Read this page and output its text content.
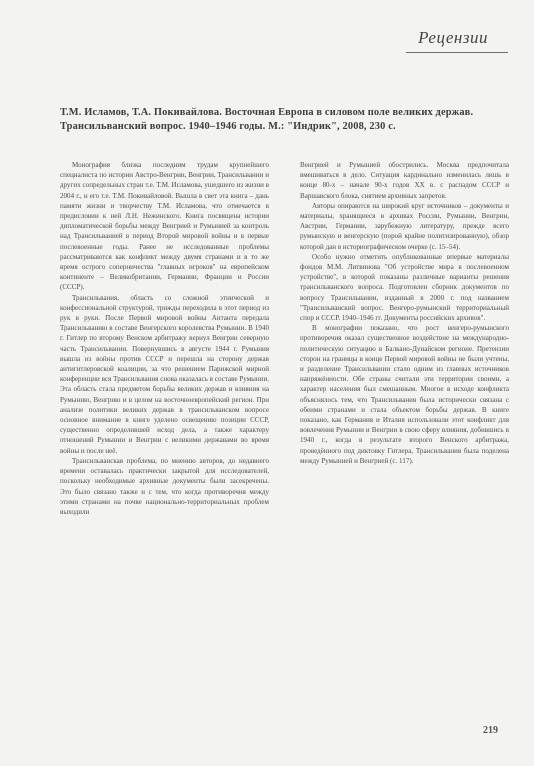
Рецензии
Т.М. Исламов, Т.А. Покивайлова. Восточная Европа в силовом поле великих держав. Трансильванский вопрос. 1940–1946 годы. М.: "Индрик", 2008, 230 с.

Монография близка последним трудам крупнейшего специалиста по истории Австро-Венгрии, Венгрии, Трансильвании и других сопредельных стран т.е. Т.М. Исламова, ушедшего из жизни в 2004 г., и его т.е. Т.М. Покивайловой. Вышла в свет эта книга – дань памяти жизни и творчеству Т.М. Исламова, что отмечается в предисловии к ней Л.Н. Нежинского. Книга посвящена истории дипломатической борьбы между Венгрией и Румынией за контроль над Трансильванией в период Второй мировой войны и в первые послевоенные годы. Ранее не исследованные проблемы рассматриваются как конфликт между двумя странами и в то же время острого соперничества "главных игроков" на европейском континенте – Великобритании, Германии, Франции и России (СССР).

Трансильвания, область со сложной этнической и конфессиональной структурой, трижды переходила в этот период из рук в руки. После Первой мировой войны Антанта передала Трансильванию в составе Венгерского королевства Румынии. В 1940 г. Гитлер по второму Венском арбитражу вернул Венгрии северную часть Трансильвании. Повернувшись в августе 1944 г. Румыния вышла из войны против СССР и перешла на сторону держав антигитлеровской коалиции, за что решением Парижской мирной конференции вся Трансильвания снова оказалась в составе Румынии. Эта область стала предметом борьбы великих держав и влияния на Румынию, Венгрию и в целом на восточноевропейский регион. При анализе политики великих держав в трансильванском вопросе основное внимание в книге уделено освещению позиции СССР, существенно определившей исход дела, а также характеру отношений Румынии и Венгрии с великими державами во время войны и после неё.

Трансильванская проблема, по мнению авторов, до недавнего времени оставалась практически закрытой для исследователей, поскольку необходимые архивные документы были засекречены. Это было связано также и с тем, что когда противоречия между этими странами на почве национально-территориальных проблем выходили

Венгрией и Румынией обострились. Москва предпочитала вмешиваться в дело. Ситуация кардинально изменилась лишь в конце 80-х – начале 90-х годов XX в. с распадом СССР и Варшавского блока, снятием архивных запретов.

Авторы опираются на широкий круг источников – документы и материалы, хранящиеся в архивах России, Румынии, Венгрии, Австрии, Германии, зарубежную литературу, прежде всего румынскую и венгерскую (порой крайне политизированную), обзор которой дан в историографическом очерке (с. 15–54).

Особо нужно отметить опубликованные впервые материалы фондов М.М. Литвинова "Об устройстве мира в послевоенном устройстве", в которой показаны различные варианты решения трансильванского вопроса. Подготовлен сборник документов по вопросу Трансильвании, изданный в 2000 г. под названием "Трансильванский вопрос. Венгеро-румынский территориальный спор и СССР. 1940–1946 гг. Документы российских архивов".

В монографии показано, что рост венгеро-румынского противоречия оказал существенное воздействие на международно-политическую ситуацию в Балкано-Дунайском регионе. Претензии сторон на границы в конце Первой мировой войны не были учтены, и разделение Трансильвании стало одним из главных источников напряжённости. Обе страны считали эти территории своими, а характер населения был смешанным. Многое в исходе конфликта объяснялось тем, что Трансильвания была исторически связана с обеими странами и стала объектом борьбы держав. В книге показано, как Германия и Италия использовали этот конфликт для вовлечения Румынии и Венгрии в свою сферу влияния, добившись в 1940 г., когда в результате второго Венского арбитража, проведённого под диктовку Гитлера, Трансильвания была поделена между Румынией и Венгрией (с. 117).

219
